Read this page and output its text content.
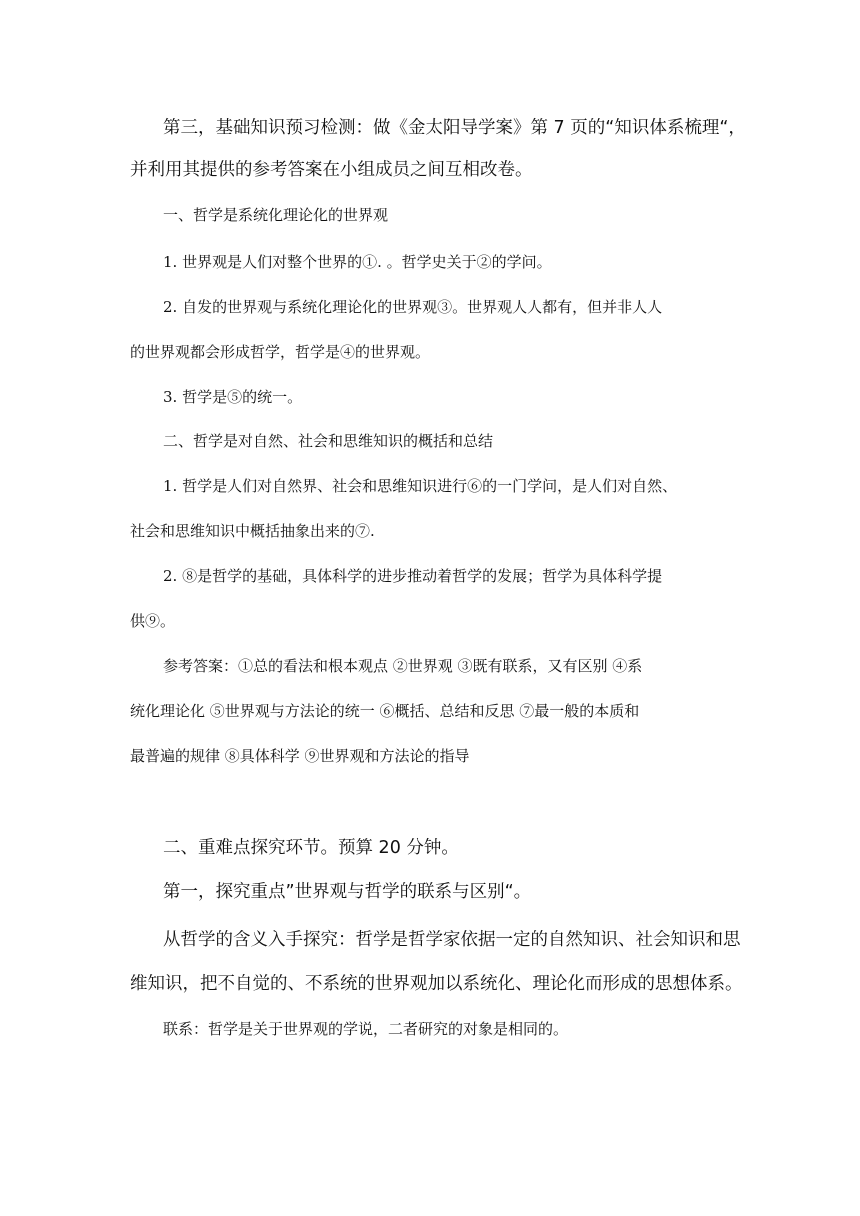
第三，基础知识预习检测：做《金太阳导学案》第 7 页的“知识体系梳理“，

并利用其提供的参考答案在小组成员之间互相改卷。

一、哲学是系统化理论化的世界观

1. 世界观是人们对整个世界的①. 。哲学史关于②的学问。

2. 自发的世界观与系统化理论化的世界观③。世界观人人都有，但并非人人

的世界观都会形成哲学，哲学是④的世界观。

3. 哲学是⑤的统一。

二、哲学是对自然、社会和思维知识的概括和总结

1. 哲学是人们对自然界、社会和思维知识进行⑥的一门学问，是人们对自然、

社会和思维知识中概括抽象出来的⑦.

2. ⑧是哲学的基础，具体科学的进步推动着哲学的发展；哲学为具体科学提

供⑨。

参考答案：①总的看法和根本观点 ②世界观 ③既有联系，又有区别 ④系

统化理论化 ⑤世界观与方法论的统一 ⑥概括、总结和反思 ⑦最一般的本质和

最普遍的规律 ⑧具体科学 ⑨世界观和方法论的指导

二、重难点探究环节。预算 20 分钟。

第一，探究重点”世界观与哲学的联系与区别“。

从哲学的含义入手探究：哲学是哲学家依据一定的自然知识、社会知识和思

维知识，把不自觉的、不系统的世界观加以系统化、理论化而形成的思想体系。

联系：哲学是关于世界观的学说，二者研究的对象是相同的。
